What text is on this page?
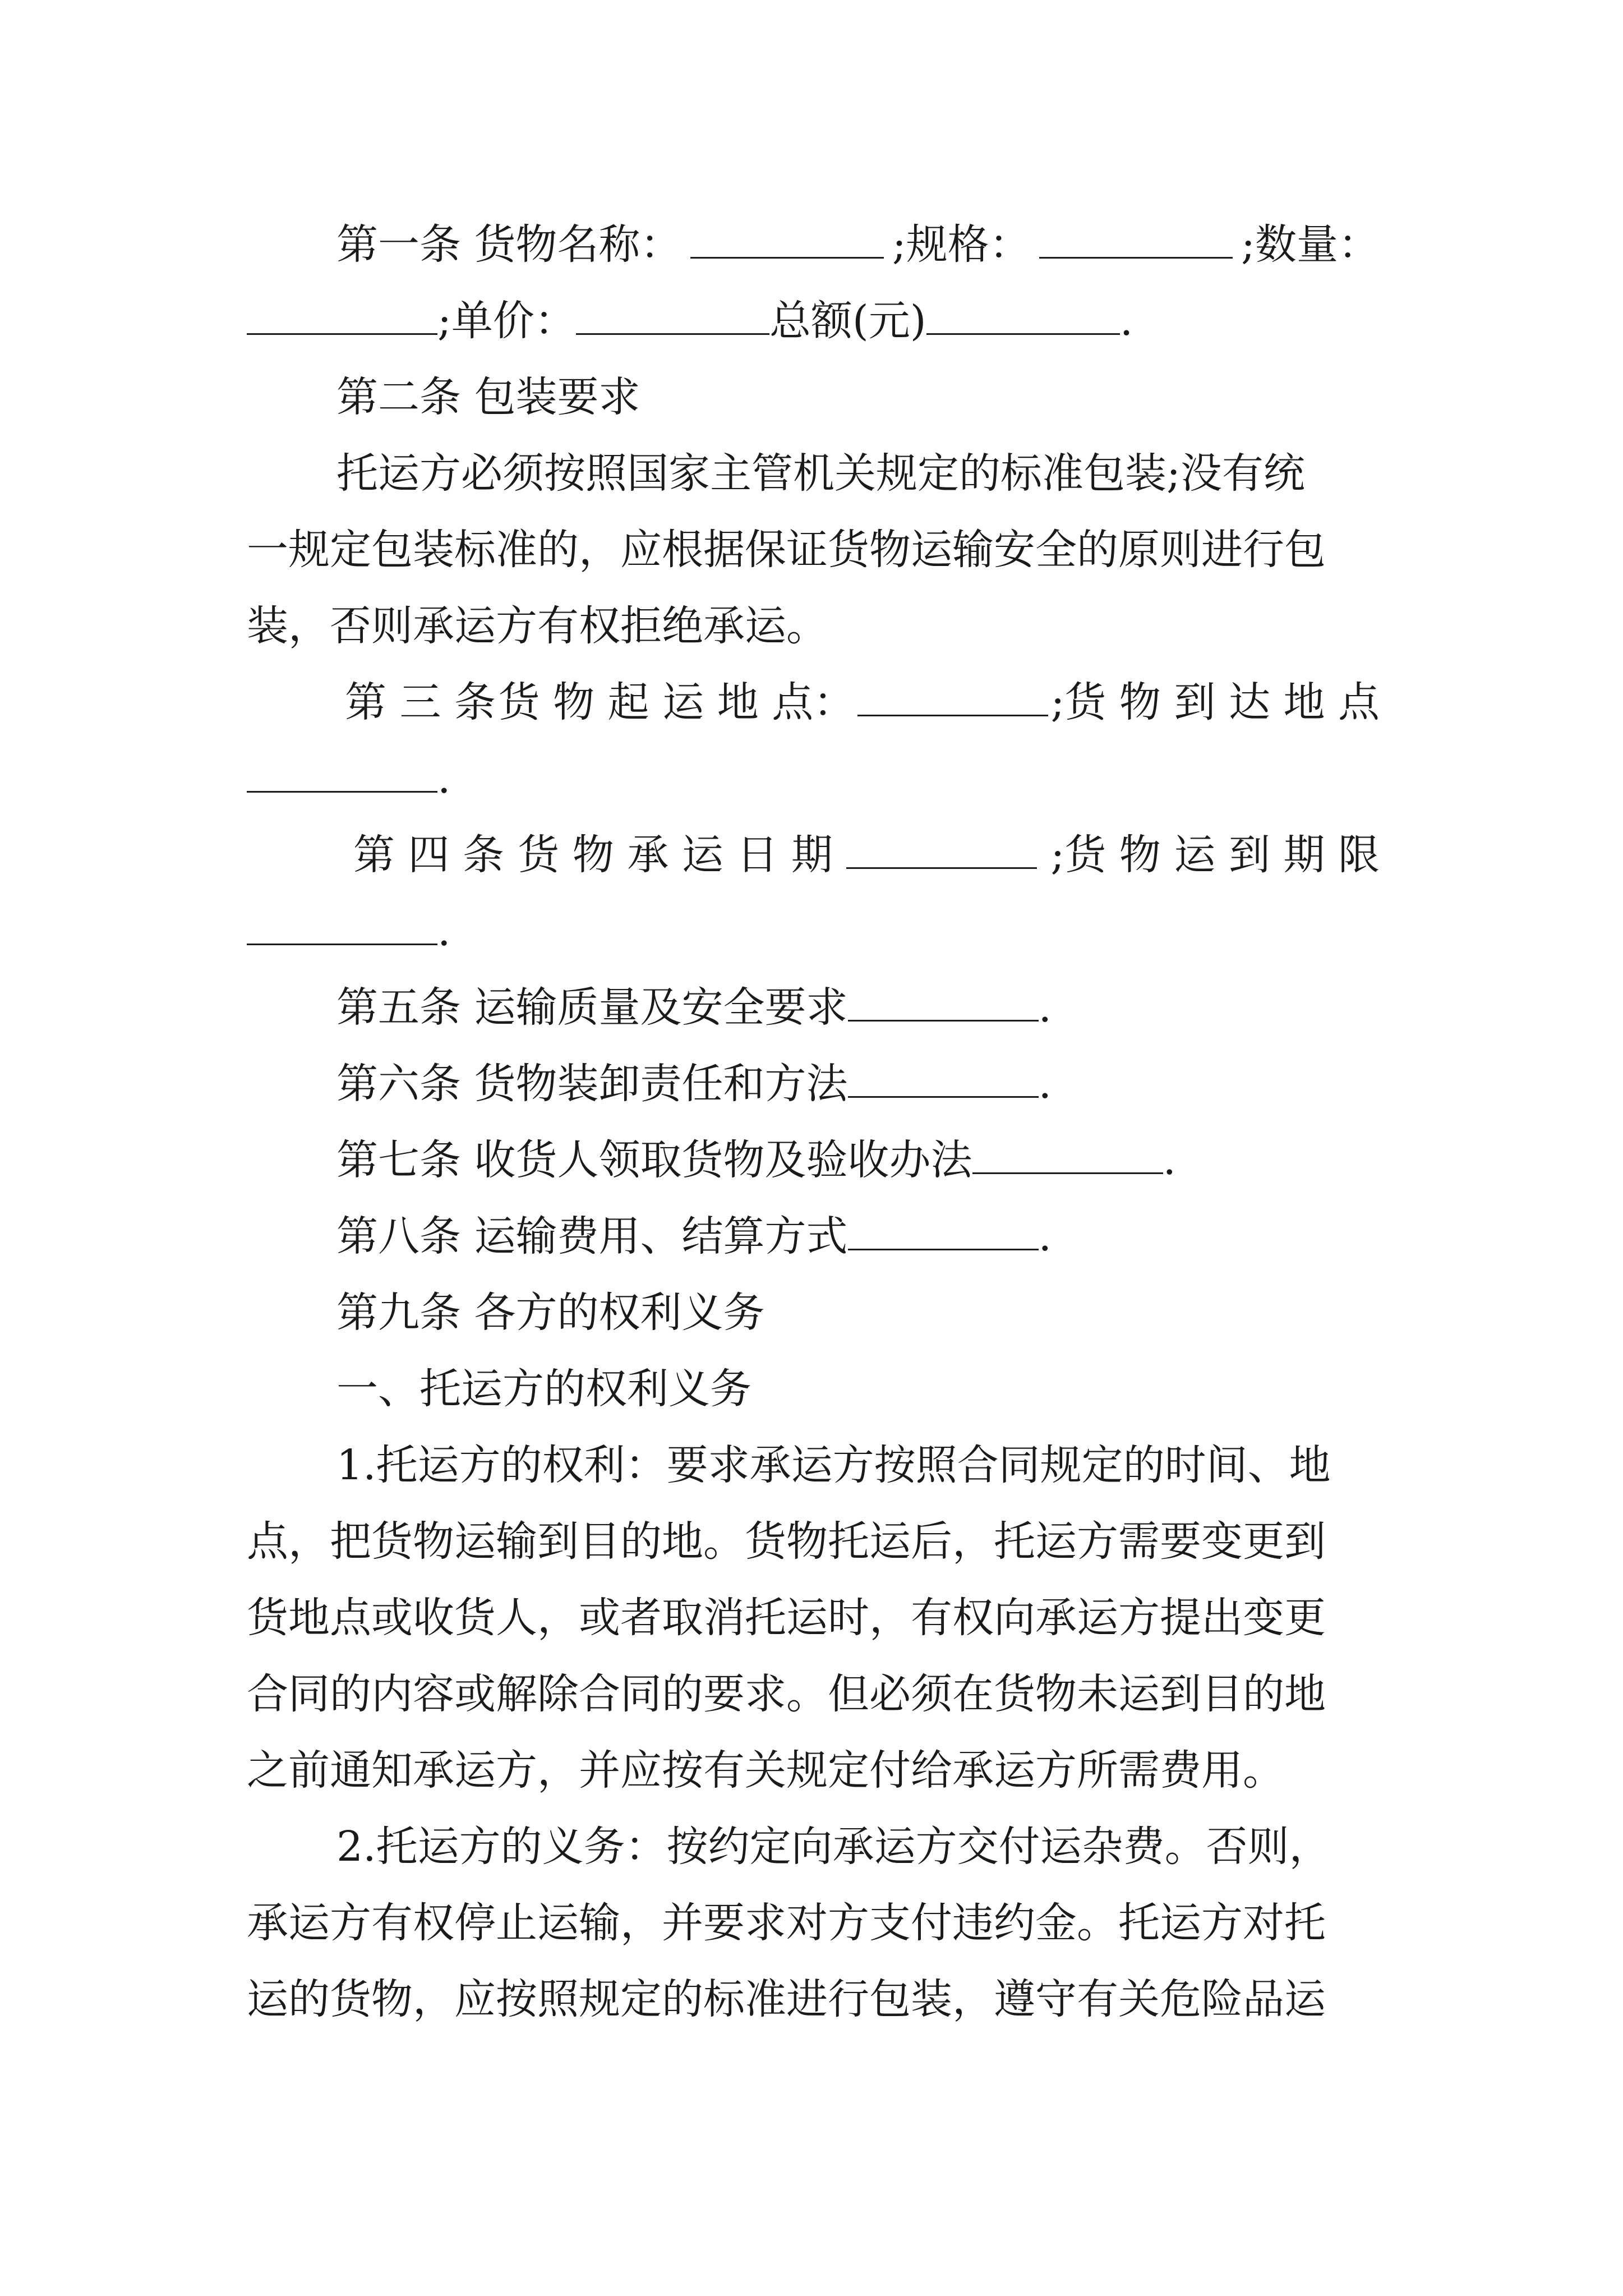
第一条 货物名称：	;规格：	;数量：
;单价：	总额(元)	.
第二条 包装要求
托运方必须按照国家主管机关规定的标准包装;没有统
一规定包装标准的，应根据保证货物运输安全的原则进行包
装，否则承运方有权拒绝承运。
第 三 条 货 物 起 运 地 点：	;货 物 到 达 地 点
.
第 四 条 货 物 承 运 日 期	;货 物 运 到 期 限
.
第五条 运输质量及安全要求	.
第六条 货物装卸责任和方法	.
第七条 收货人领取货物及验收办法	.
第八条 运输费用、结算方式	.
第九条 各方的权利义务
一、托运方的权利义务
1.托运方的权利：要求承运方按照合同规定的时间、地
点，把货物运输到目的地。货物托运后，托运方需要变更到
货地点或收货人，或者取消托运时，有权向承运方提出变更
合同的内容或解除合同的要求。但必须在货物未运到目的地
之前通知承运方，并应按有关规定付给承运方所需费用。
2.托运方的义务：按约定向承运方交付运杂费。否则，
承运方有权停止运输，并要求对方支付违约金。托运方对托
运的货物，应按照规定的标准进行包装，遵守有关危险品运
